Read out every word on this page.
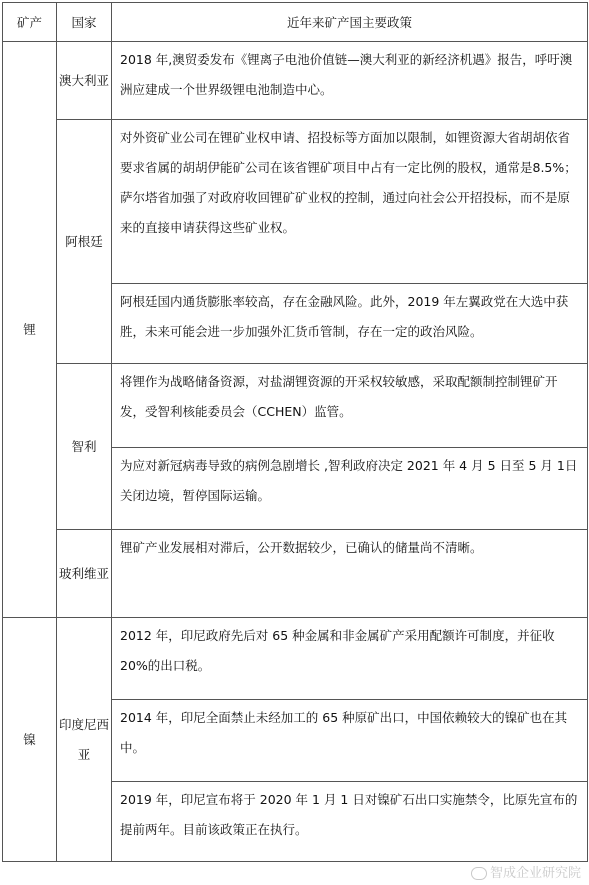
矿产	国家	近年来矿产国主要政策
锂	澳大利亚	2018 年,澳贸委发布《锂离子电池价值链—澳大利亚的新经济机遇》报告，呼吁澳洲应建成一个世界级锂电池制造中心。
	阿根廷	对外资矿业公司在锂矿业权申请、招投标等方面加以限制，如锂资源大省胡胡依省要求省属的胡胡伊能矿公司在该省锂矿项目中占有一定比例的股权，通常是8.5%；萨尔塔省加强了对政府收回锂矿矿业权的控制，通过向社会公开招投标，而不是原来的直接申请获得这些矿业权。
		阿根廷国内通货膨胀率较高，存在金融风险。此外，2019 年左翼政党在大选中获胜，未来可能会进一步加强外汇货币管制，存在一定的政治风险。
	智利	将锂作为战略储备资源，对盐湖锂资源的开采权较敏感，采取配额制控制锂矿开发，受智利核能委员会（CCHEN）监管。
		为应对新冠病毒导致的病例急剧增长 ,智利政府决定 2021 年 4 月 5 日至 5 月 1日关闭边境，暂停国际运输。
	玻利维亚	锂矿产业发展相对滞后，公开数据较少，已确认的储量尚不清晰。
镍	印度尼西亚	2012 年，印尼政府先后对 65 种金属和非金属矿产采用配额许可制度，并征收20%的出口税。
		2014 年，印尼全面禁止未经加工的 65 种原矿出口，中国依赖较大的镍矿也在其中。
		2019 年，印尼宣布将于 2020 年 1 月 1 日对镍矿石出口实施禁令，比原先宣布的提前两年。目前该政策正在执行。
智成企业研究院
